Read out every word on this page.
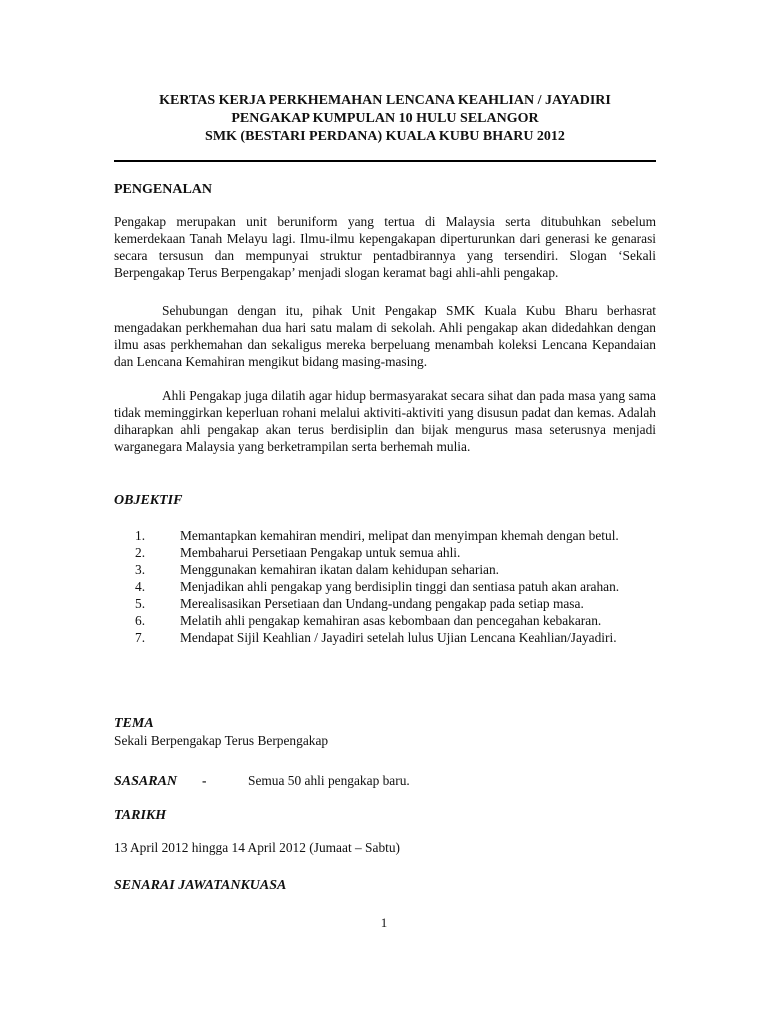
KERTAS KERJA PERKHEMAHAN LENCANA KEAHLIAN / JAYADIRI
PENGAKAP KUMPULAN 10 HULU SELANGOR
SMK (BESTARI PERDANA) KUALA KUBU BHARU 2012
PENGENALAN

Pengakap merupakan unit beruniform yang tertua di Malaysia serta ditubuhkan sebelum kemerdekaan Tanah Melayu lagi. Ilmu-ilmu kepengakapan diperturunkan dari generasi ke genarasi secara tersusun dan mempunyai struktur pentadbirannya yang tersendiri. Slogan ‘Sekali Berpengakap Terus Berpengakap’ menjadi slogan keramat bagi ahli-ahli pengakap.

Sehubungan dengan itu, pihak Unit Pengakap SMK Kuala Kubu Bharu berhasrat mengadakan perkhemahan dua hari satu malam di sekolah. Ahli pengakap akan didedahkan dengan ilmu asas perkhemahan dan sekaligus mereka berpeluang menambah koleksi Lencana Kepandaian dan Lencana Kemahiran mengikut bidang masing-masing.

Ahli Pengakap juga dilatih agar hidup bermasyarakat secara sihat dan pada masa yang sama tidak meminggirkan keperluan rohani melalui aktiviti-aktiviti yang disusun padat dan kemas. Adalah diharapkan ahli pengakap akan terus berdisiplin dan bijak mengurus masa seterusnya menjadi warganegara Malaysia yang berketrampilan serta berhemah mulia.

OBJEKTIF
1.	Memantapkan kemahiran mendiri, melipat dan menyimpan khemah dengan betul.
2.	Membaharui Persetiaan Pengakap untuk semua ahli.
3.	Menggunakan kemahiran ikatan dalam kehidupan seharian.
4.	Menjadikan ahli pengakap yang berdisiplin tinggi dan sentiasa patuh akan arahan.
5.	Merealisasikan Persetiaan dan Undang-undang pengakap pada setiap masa.
6.	Melatih ahli pengakap kemahiran asas kebombaan dan pencegahan kebakaran.
7.	Mendapat Sijil Keahlian / Jayadiri setelah lulus Ujian Lencana Keahlian/Jayadiri.
TEMA
Sekali Berpengakap Terus Berpengakap
SASARAN -	Semua 50 ahli pengakap baru.
TARIKH
13 April 2012 hingga 14 April 2012 (Jumaat – Sabtu)
SENARAI JAWATANKUASA
1
